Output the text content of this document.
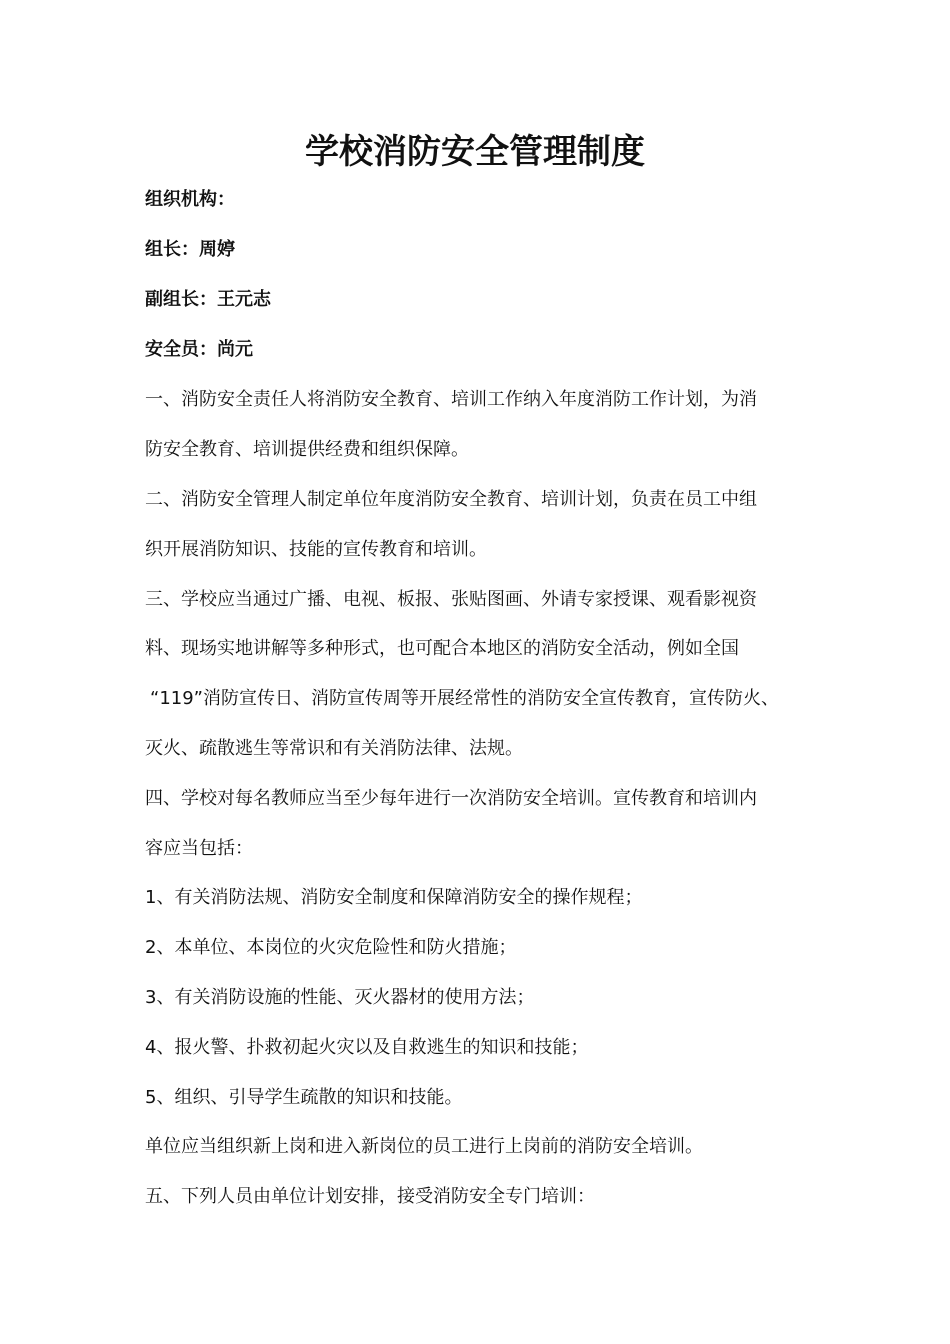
学校消防安全管理制度
组织机构：
组长：周婷
副组长：王元志
安全员：尚元
一、消防安全责任人将消防安全教育、培训工作纳入年度消防工作计划，为消
防安全教育、培训提供经费和组织保障。
二、消防安全管理人制定单位年度消防安全教育、培训计划，负责在员工中组
织开展消防知识、技能的宣传教育和培训。
三、学校应当通过广播、电视、板报、张贴图画、外请专家授课、观看影视资
料、现场实地讲解等多种形式，也可配合本地区的消防安全活动，例如全国
“119”消防宣传日、消防宣传周等开展经常性的消防安全宣传教育，宣传防火、
灭火、疏散逃生等常识和有关消防法律、法规。
四、学校对每名教师应当至少每年进行一次消防安全培训。宣传教育和培训内
容应当包括：
1、有关消防法规、消防安全制度和保障消防安全的操作规程；
2、本单位、本岗位的火灾危险性和防火措施；
3、有关消防设施的性能、灭火器材的使用方法；
4、报火警、扑救初起火灾以及自救逃生的知识和技能；
5、组织、引导学生疏散的知识和技能。
单位应当组织新上岗和进入新岗位的员工进行上岗前的消防安全培训。
五、下列人员由单位计划安排，接受消防安全专门培训：
